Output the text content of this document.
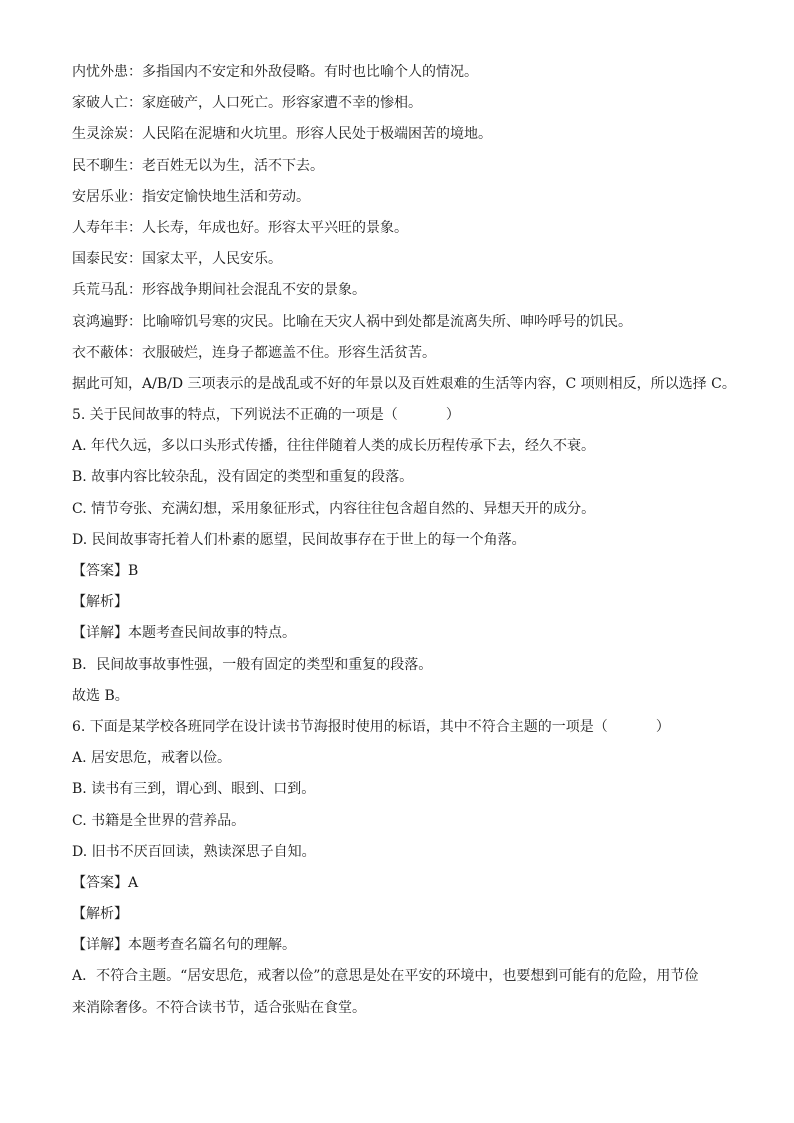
内忧外患：多指国内不安定和外敌侵略。有时也比喻个人的情况。
家破人亡：家庭破产，人口死亡。形容家遭不幸的惨相。
生灵涂炭：人民陷在泥塘和火坑里。形容人民处于极端困苦的境地。
民不聊生：老百姓无以为生，活不下去。
安居乐业：指安定愉快地生活和劳动。
人寿年丰：人长寿，年成也好。形容太平兴旺的景象。
国泰民安：国家太平，人民安乐。
兵荒马乱：形容战争期间社会混乱不安的景象。
哀鸿遍野：比喻啼饥号寒的灾民。比喻在天灾人祸中到处都是流离失所、呻吟呼号的饥民。
衣不蔽体：衣服破烂，连身子都遮盖不住。形容生活贫苦。
据此可知，A/B/D 三项表示的是战乱或不好的年景以及百姓艰难的生活等内容，C 项则相反，所以选择 C。
5. 关于民间故事的特点，下列说法不正确的一项是（	）
A. 年代久远，多以口头形式传播，往往伴随着人类的成长历程传承下去，经久不衰。
B. 故事内容比较杂乱，没有固定的类型和重复的段落。
C. 情节夸张、充满幻想，采用象征形式，内容往往包含超自然的、异想天开的成分。
D. 民间故事寄托着人们朴素的愿望，民间故事存在于世上的每一个角落。
【答案】B
【解析】
【详解】本题考查民间故事的特点。
B．民间故事故事性强，一般有固定的类型和重复的段落。
故选 B。
6. 下面是某学校各班同学在设计读书节海报时使用的标语，其中不符合主题的一项是（	）
A. 居安思危，戒奢以俭。
B. 读书有三到，谓心到、眼到、口到。
C. 书籍是全世界的营养品。
D. 旧书不厌百回读，熟读深思子自知。
【答案】A
【解析】
【详解】本题考查名篇名句的理解。
A．不符合主题。“居安思危，戒奢以俭”的意思是处在平安的环境中，也要想到可能有的危险，用节俭
来消除奢侈。不符合读书节，适合张贴在食堂。
